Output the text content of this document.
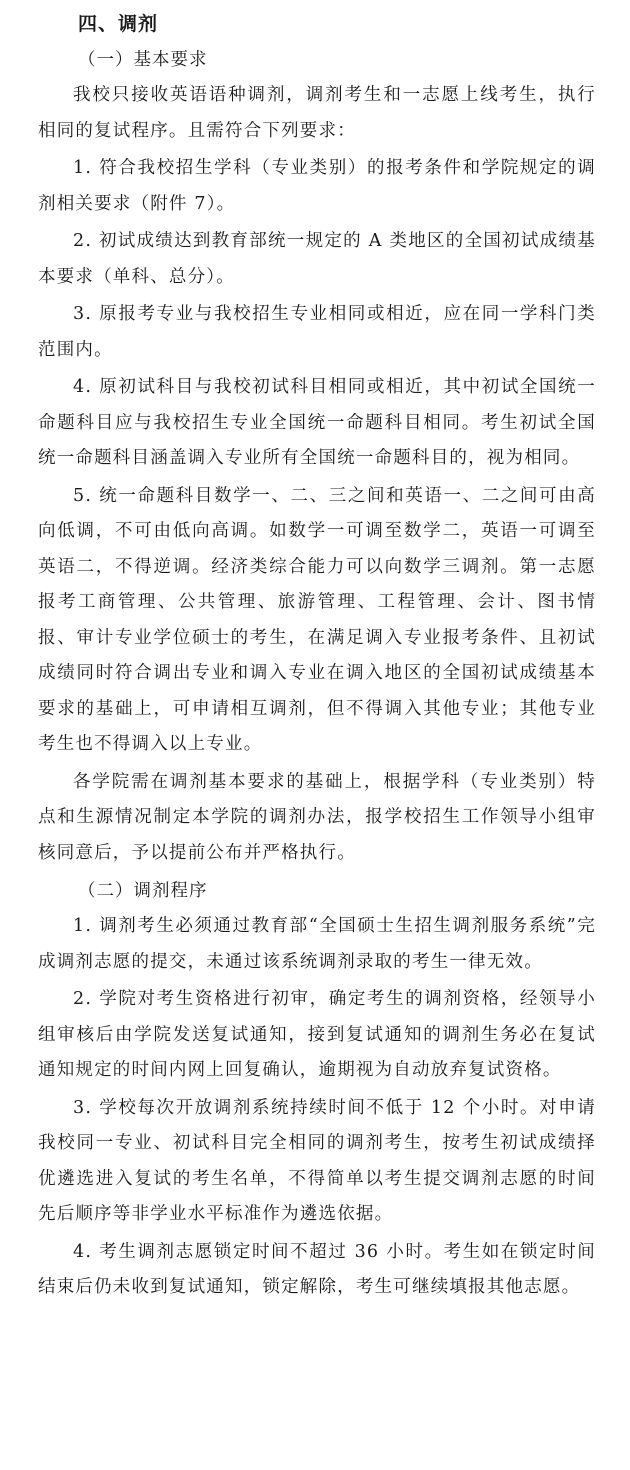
四、调剂
（一）基本要求

我校只接收英语语种调剂，调剂考生和一志愿上线考生，执行相同的复试程序。且需符合下列要求：

1. 符合我校招生学科（专业类别）的报考条件和学院规定的调剂相关要求（附件 7）。

2. 初试成绩达到教育部统一规定的 A 类地区的全国初试成绩基本要求（单科、总分）。

3. 原报考专业与我校招生专业相同或相近，应在同一学科门类范围内。

4. 原初试科目与我校初试科目相同或相近，其中初试全国统一命题科目应与我校招生专业全国统一命题科目相同。考生初试全国统一命题科目涵盖调入专业所有全国统一命题科目的，视为相同。

5. 统一命题科目数学一、二、三之间和英语一、二之间可由高向低调，不可由低向高调。如数学一可调至数学二，英语一可调至英语二，不得逆调。经济类综合能力可以向数学三调剂。第一志愿报考工商管理、公共管理、旅游管理、工程管理、会计、图书情报、审计专业学位硕士的考生，在满足调入专业报考条件、且初试成绩同时符合调出专业和调入专业在调入地区的全国初试成绩基本要求的基础上，可申请相互调剂，但不得调入其他专业；其他专业考生也不得调入以上专业。

各学院需在调剂基本要求的基础上，根据学科（专业类别）特点和生源情况制定本学院的调剂办法，报学校招生工作领导小组审核同意后，予以提前公布并严格执行。

（二）调剂程序

1. 调剂考生必须通过教育部“全国硕士生招生调剂服务系统”完成调剂志愿的提交，未通过该系统调剂录取的考生一律无效。

2. 学院对考生资格进行初审，确定考生的调剂资格，经领导小组审核后由学院发送复试通知，接到复试通知的调剂生务必在复试通知规定的时间内网上回复确认，逾期视为自动放弃复试资格。

3. 学校每次开放调剂系统持续时间不低于 12 个小时。对申请我校同一专业、初试科目完全相同的调剂考生，按考生初试成绩择优遴选进入复试的考生名单，不得简单以考生提交调剂志愿的时间先后顺序等非学业水平标准作为遴选依据。

4. 考生调剂志愿锁定时间不超过 36 小时。考生如在锁定时间结束后仍未收到复试通知，锁定解除，考生可继续填报其他志愿。
